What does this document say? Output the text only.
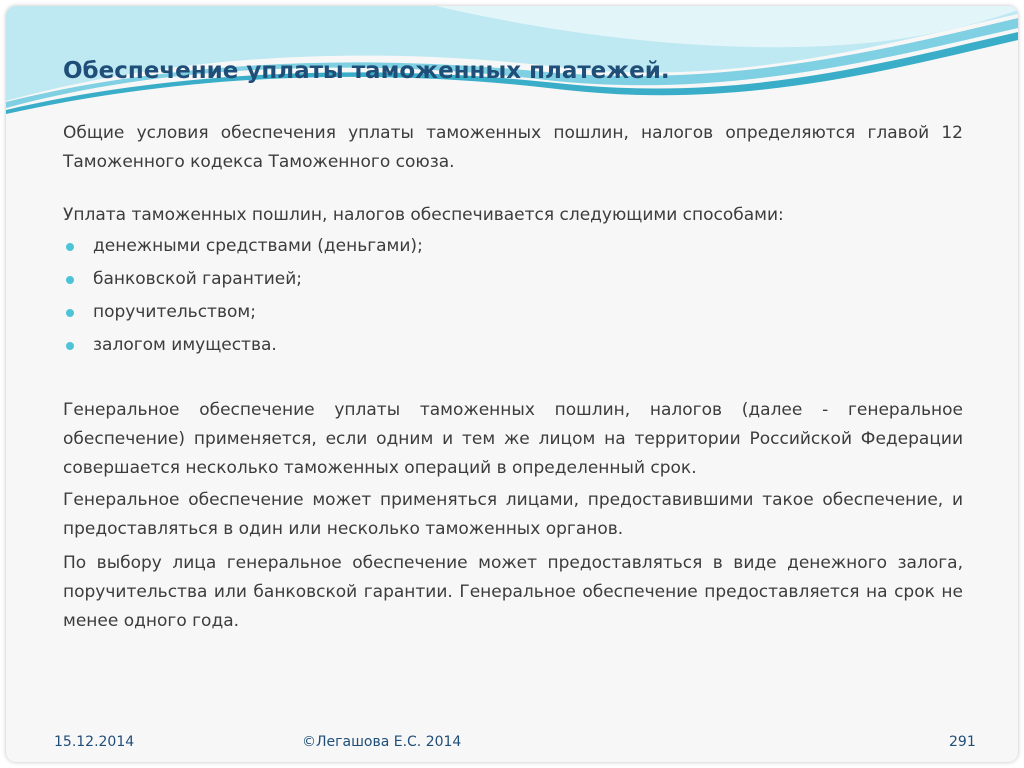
Обеспечение уплаты таможенных платежей.

Общие условия обеспечения уплаты таможенных пошлин, налогов определяются главой 12 Таможенного кодекса Таможенного союза.

Уплата таможенных пошлин, налогов обеспечивается следующими способами:

денежными средствами (деньгами);
банковской гарантией;
поручительством;
залогом имущества.

Генеральное обеспечение уплаты таможенных пошлин, налогов (далее - генеральное обеспечение) применяется, если одним и тем же лицом на территории Российской Федерации совершается несколько таможенных операций в определенный срок.

Генеральное обеспечение может применяться лицами, предоставившими такое обеспечение, и предоставляться в один или несколько таможенных органов.

По выбору лица генеральное обеспечение может предоставляться в виде денежного залога, поручительства или банковской гарантии. Генеральное обеспечение предоставляется на срок не менее одного года.

15.12.2014	©Легашова Е.С. 2014	291
